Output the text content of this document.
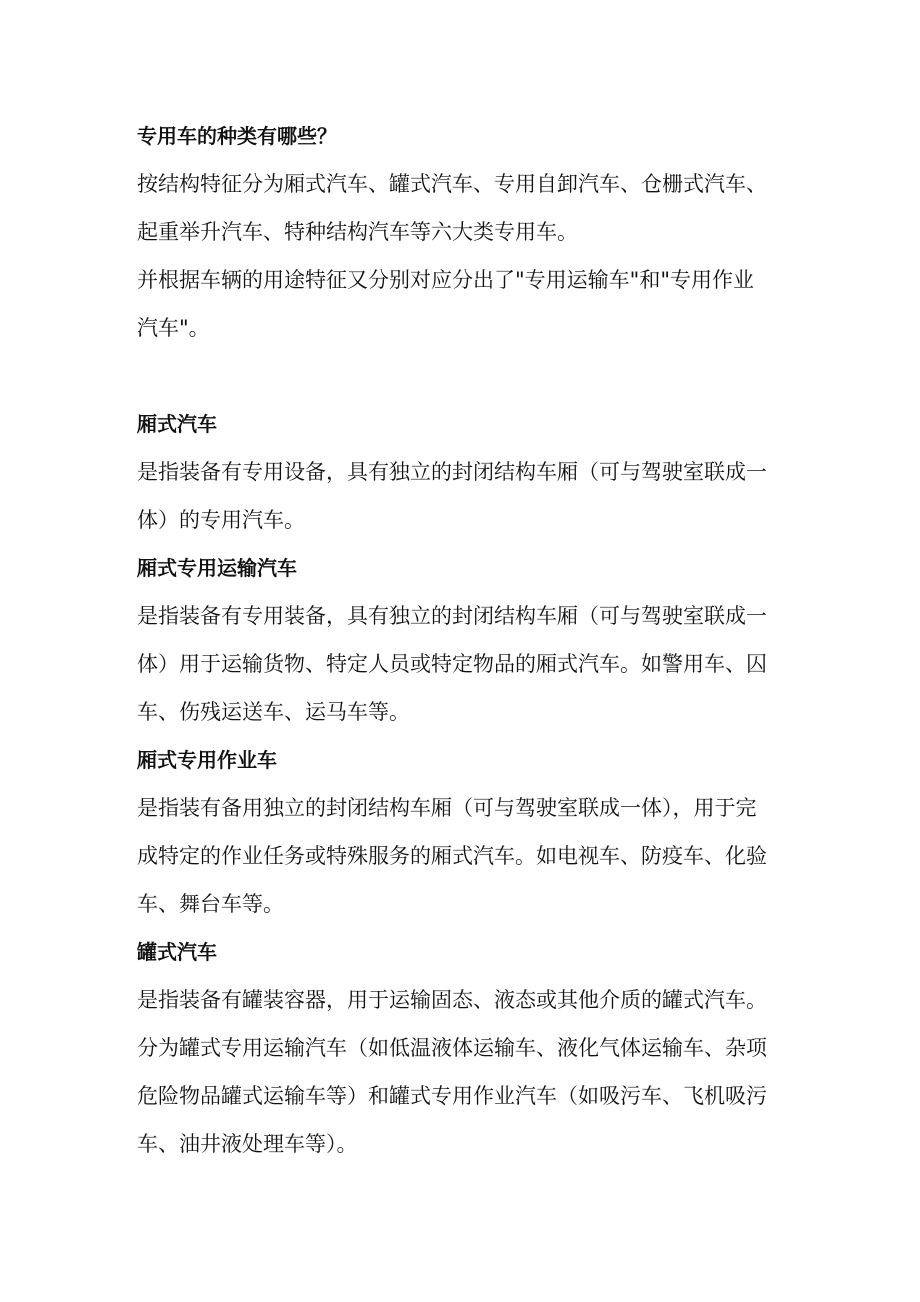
专用车的种类有哪些？

按结构特征分为厢式汽车、罐式汽车、专用自卸汽车、仓栅式汽车、

起重举升汽车、特种结构汽车等六大类专用车。

并根据车辆的用途特征又分别对应分出了"专用运输车"和"专用作业

汽车"。

厢式汽车

是指装备有专用设备，具有独立的封闭结构车厢（可与驾驶室联成一

体）的专用汽车。

厢式专用运输汽车

是指装备有专用装备，具有独立的封闭结构车厢（可与驾驶室联成一

体）用于运输货物、特定人员或特定物品的厢式汽车。如警用车、囚

车、伤残运送车、运马车等。

厢式专用作业车

是指装有备用独立的封闭结构车厢（可与驾驶室联成一体），用于完

成特定的作业任务或特殊服务的厢式汽车。如电视车、防疫车、化验

车、舞台车等。

罐式汽车

是指装备有罐装容器，用于运输固态、液态或其他介质的罐式汽车。

分为罐式专用运输汽车（如低温液体运输车、液化气体运输车、杂项

危险物品罐式运输车等）和罐式专用作业汽车（如吸污车、飞机吸污

车、油井液处理车等）。
